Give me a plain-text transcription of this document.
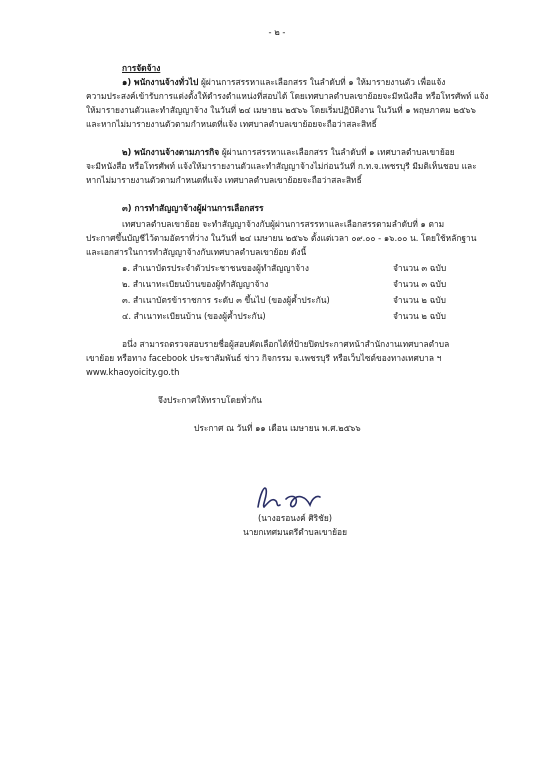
- ๒ -
การจัดจ้าง
๑) พนักงานจ้างทั่วไป ผู้ผ่านการสรรหาและเลือกสรร ในลำดับที่ ๑ ให้มารายงานตัว เพื่อแจ้ง
ความประสงค์เข้ารับการแต่งตั้งให้ดำรงตำแหน่งที่สอบได้ โดยเทศบาลตำบลเขาย้อยจะมีหนังสือ หรือโทรศัพท์ แจ้ง
ให้มารายงานตัวและทำสัญญาจ้าง ในวันที่ ๒๔ เมษายน ๒๕๖๖ โดยเริ่มปฏิบัติงาน ในวันที่ ๑ พฤษภาคม ๒๕๖๖
และหากไม่มารายงานตัวตามกำหนดที่แจ้ง เทศบาลตำบลเขาย้อยจะถือว่าสละสิทธิ์
๒) พนักงานจ้างตามภารกิจ ผู้ผ่านการสรรหาและเลือกสรร ในลำดับที่ ๑ เทศบาลตำบลเขาย้อย
จะมีหนังสือ หรือโทรศัพท์ แจ้งให้มารายงานตัวและทำสัญญาจ้างไม่ก่อนวันที่ ก.ท.จ.เพชรบุรี มีมติเห็นชอบ และ
หากไม่มารายงานตัวตามกำหนดที่แจ้ง เทศบาลตำบลเขาย้อยจะถือว่าสละสิทธิ์
๓) การทำสัญญาจ้างผู้ผ่านการเลือกสรร
เทศบาลตำบลเขาย้อย จะทำสัญญาจ้างกับผู้ผ่านการสรรหาและเลือกสรรตามลำดับที่ ๑ ตาม
ประกาศขึ้นบัญชีไว้ตามอัตราที่ว่าง ในวันที่ ๒๔ เมษายน ๒๕๖๖ ตั้งแต่เวลา ๐๙.๐๐ - ๑๖.๐๐ น. โดยใช้หลักฐาน
และเอกสารในการทำสัญญาจ้างกับเทศบาลตำบลเขาย้อย ดังนี้
๑. สำเนาบัตรประจำตัวประชาชนของผู้ทำสัญญาจ้าง	จำนวน ๓ ฉบับ
๒. สำเนาทะเบียนบ้านของผู้ทำสัญญาจ้าง	จำนวน ๓ ฉบับ
๓. สำเนาบัตรข้าราชการ ระดับ ๓ ขึ้นไป (ของผู้ค้ำประกัน)	จำนวน ๒ ฉบับ
๔. สำเนาทะเบียนบ้าน (ของผู้ค้ำประกัน)	จำนวน ๒ ฉบับ
อนึ่ง สามารถตรวจสอบรายชื่อผู้สอบคัดเลือกได้ที่ป้ายปิดประกาศหน้าสำนักงานเทศบาลตำบล
เขาย้อย หรือทาง facebook ประชาสัมพันธ์ ข่าว กิจกรรม จ.เพชรบุรี หรือเว็บไซต์ของทางเทศบาล ฯ
www.khaoyoicity.go.th
จึงประกาศให้ทราบโดยทั่วกัน
ประกาศ ณ วันที่ ๑๑ เดือน เมษายน พ.ศ.๒๕๖๖
(นางอรอนงค์ ศิริชัย)
นายกเทศมนตรีตำบลเขาย้อย
